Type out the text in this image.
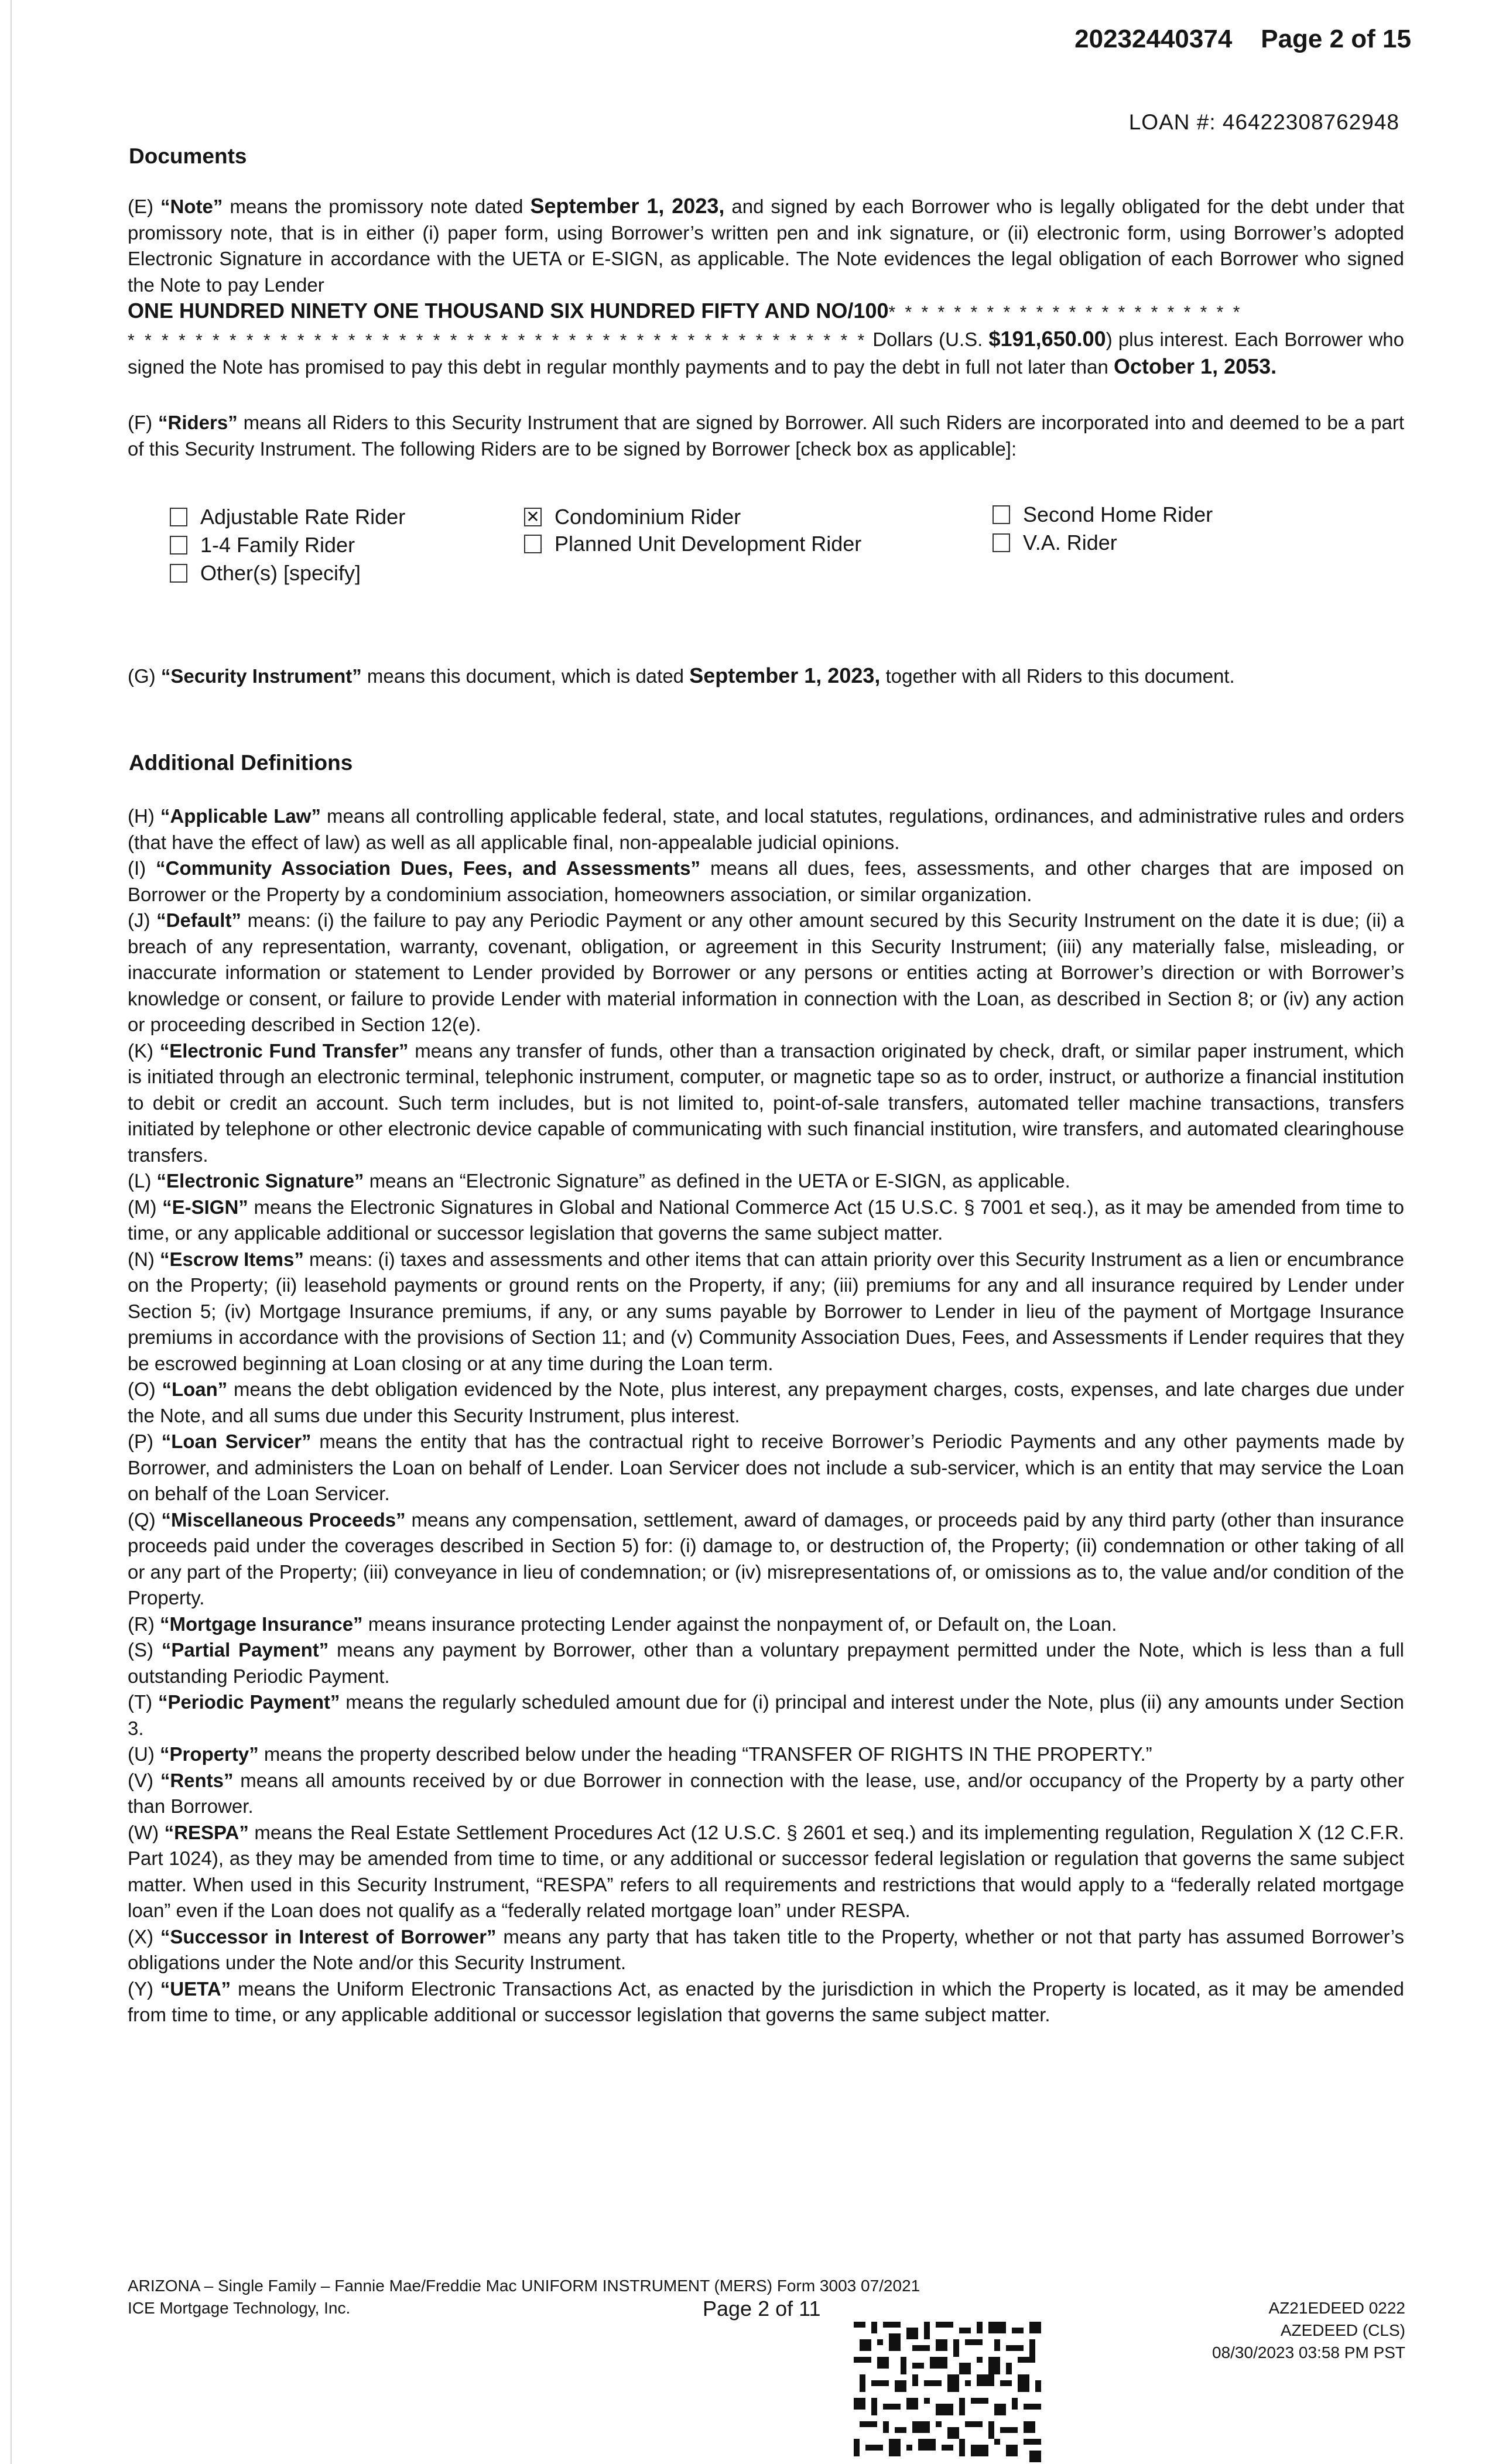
20232440374 Page 2 of 15
LOAN #: 46422308762948
Documents
(E) “Note” means the promissory note dated September 1, 2023, and signed by each Borrower who is legally obligated for the debt under that promissory note, that is in either (i) paper form, using Borrower’s written pen and ink signature, or (ii) electronic form, using Borrower’s adopted Electronic Signature in accordance with the UETA or E-SIGN, as applicable. The Note evidences the legal obligation of each Borrower who signed the Note to pay Lender
ONE HUNDRED NINETY ONE THOUSAND SIX HUNDRED FIFTY AND NO/100* * * * * * * * * * * * * * * * * * * * * *
* * * * * * * * * * * * * * * * * * * * * * * * * * * * * * * * * * * * * * * * * * * * Dollars (U.S. $191,650.00) plus interest. Each Borrower who signed the Note has promised to pay this debt in regular monthly payments and to pay the debt in full not later than October 1, 2053.
(F) “Riders” means all Riders to this Security Instrument that are signed by Borrower. All such Riders are incorporated into and deemed to be a part of this Security Instrument. The following Riders are to be signed by Borrower [check box as applicable]:
Adjustable Rate Rider	✕ Condominium Rider	Second Home Rider
1-4 Family Rider	Planned Unit Development Rider	V.A. Rider
Other(s) [specify]
(G) “Security Instrument” means this document, which is dated September 1, 2023, together with all Riders to this document.
Additional Definitions

(H) “Applicable Law” means all controlling applicable federal, state, and local statutes, regulations, ordinances, and administrative rules and orders (that have the effect of law) as well as all applicable final, non-appealable judicial opinions.

(I) “Community Association Dues, Fees, and Assessments” means all dues, fees, assessments, and other charges that are imposed on Borrower or the Property by a condominium association, homeowners association, or similar organization.

(J) “Default” means: (i) the failure to pay any Periodic Payment or any other amount secured by this Security Instrument on the date it is due; (ii) a breach of any representation, warranty, covenant, obligation, or agreement in this Security Instrument; (iii) any materially false, misleading, or inaccurate information or statement to Lender provided by Borrower or any persons or entities acting at Borrower’s direction or with Borrower’s knowledge or consent, or failure to provide Lender with material information in connection with the Loan, as described in Section 8; or (iv) any action or proceeding described in Section 12(e).

(K) “Electronic Fund Transfer” means any transfer of funds, other than a transaction originated by check, draft, or similar paper instrument, which is initiated through an electronic terminal, telephonic instrument, computer, or magnetic tape so as to order, instruct, or authorize a financial institution to debit or credit an account. Such term includes, but is not limited to, point-of-sale transfers, automated teller machine transactions, transfers initiated by telephone or other electronic device capable of communicating with such financial institution, wire transfers, and automated clearinghouse transfers.

(L) “Electronic Signature” means an “Electronic Signature” as defined in the UETA or E-SIGN, as applicable.

(M) “E-SIGN” means the Electronic Signatures in Global and National Commerce Act (15 U.S.C. § 7001 et seq.), as it may be amended from time to time, or any applicable additional or successor legislation that governs the same subject matter.

(N) “Escrow Items” means: (i) taxes and assessments and other items that can attain priority over this Security Instrument as a lien or encumbrance on the Property; (ii) leasehold payments or ground rents on the Property, if any; (iii) premiums for any and all insurance required by Lender under Section 5; (iv) Mortgage Insurance premiums, if any, or any sums payable by Borrower to Lender in lieu of the payment of Mortgage Insurance premiums in accordance with the provisions of Section 11; and (v) Community Association Dues, Fees, and Assessments if Lender requires that they be escrowed beginning at Loan closing or at any time during the Loan term.

(O) “Loan” means the debt obligation evidenced by the Note, plus interest, any prepayment charges, costs, expenses, and late charges due under the Note, and all sums due under this Security Instrument, plus interest.

(P) “Loan Servicer” means the entity that has the contractual right to receive Borrower’s Periodic Payments and any other payments made by Borrower, and administers the Loan on behalf of Lender. Loan Servicer does not include a sub-servicer, which is an entity that may service the Loan on behalf of the Loan Servicer.

(Q) “Miscellaneous Proceeds” means any compensation, settlement, award of damages, or proceeds paid by any third party (other than insurance proceeds paid under the coverages described in Section 5) for: (i) damage to, or destruction of, the Property; (ii) condemnation or other taking of all or any part of the Property; (iii) conveyance in lieu of condemnation; or (iv) misrepresentations of, or omissions as to, the value and/or condition of the Property.

(R) “Mortgage Insurance” means insurance protecting Lender against the nonpayment of, or Default on, the Loan.

(S) “Partial Payment” means any payment by Borrower, other than a voluntary prepayment permitted under the Note, which is less than a full outstanding Periodic Payment.

(T) “Periodic Payment” means the regularly scheduled amount due for (i) principal and interest under the Note, plus (ii) any amounts under Section 3.

(U) “Property” means the property described below under the heading “TRANSFER OF RIGHTS IN THE PROPERTY.”

(V) “Rents” means all amounts received by or due Borrower in connection with the lease, use, and/or occupancy of the Property by a party other than Borrower.

(W) “RESPA” means the Real Estate Settlement Procedures Act (12 U.S.C. § 2601 et seq.) and its implementing regulation, Regulation X (12 C.F.R. Part 1024), as they may be amended from time to time, or any additional or successor federal legislation or regulation that governs the same subject matter. When used in this Security Instrument, “RESPA” refers to all requirements and restrictions that would apply to a “federally related mortgage loan” even if the Loan does not qualify as a “federally related mortgage loan” under RESPA.

(X) “Successor in Interest of Borrower” means any party that has taken title to the Property, whether or not that party has assumed Borrower’s obligations under the Note and/or this Security Instrument.

(Y) “UETA” means the Uniform Electronic Transactions Act, as enacted by the jurisdiction in which the Property is located, as it may be amended from time to time, or any applicable additional or successor legislation that governs the same subject matter.

ARIZONA – Single Family – Fannie Mae/Freddie Mac UNIFORM INSTRUMENT (MERS) Form 3003 07/2021
ICE Mortgage Technology, Inc.	Page 2 of 11	AZ21EDEED 0222
AZEDEED (CLS)
08/30/2023 03:58 PM PST
